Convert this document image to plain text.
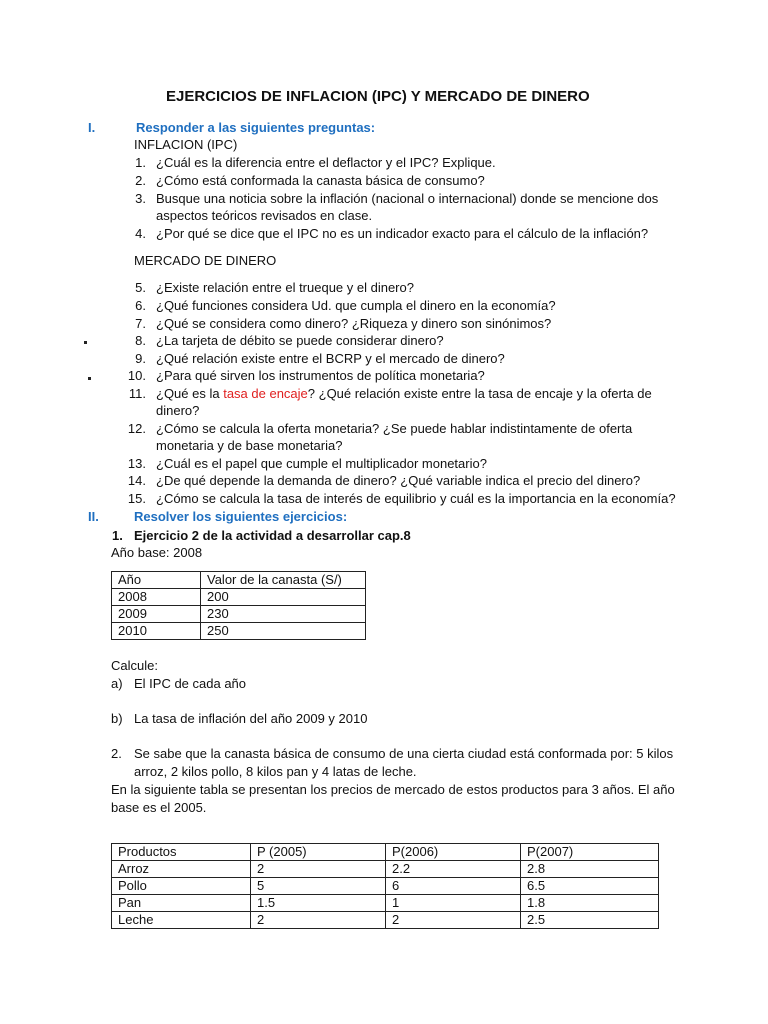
EJERCICIOS DE INFLACION (IPC) Y MERCADO DE DINERO
I.	Responder a las siguientes preguntas:
INFLACION (IPC)
1. ¿Cuál es la diferencia entre el deflactor y el IPC? Explique.
2. ¿Cómo está conformada la canasta básica de consumo?
3. Busque una noticia sobre la inflación (nacional o internacional) donde se mencione dos
aspectos teóricos revisados en clase.
4. ¿Por qué se dice que el IPC no es un indicador exacto para el cálculo de la inflación?
MERCADO DE DINERO
5. ¿Existe relación entre el trueque y el dinero?
6. ¿Qué funciones considera Ud. que cumpla el dinero en la economía?
7. ¿Qué se considera como dinero? ¿Riqueza y dinero son sinónimos?
8. ¿La tarjeta de débito se puede considerar dinero?
9. ¿Qué relación existe entre el BCRP y el mercado de dinero?
10. ¿Para qué sirven los instrumentos de política monetaria?
11. ¿Qué es la tasa de encaje? ¿Qué relación existe entre la tasa de encaje y la oferta de
dinero?
12. ¿Cómo se calcula la oferta monetaria? ¿Se puede hablar indistintamente de oferta
monetaria y de base monetaria?
13. ¿Cuál es el papel que cumple el multiplicador monetario?
14. ¿De qué depende la demanda de dinero? ¿Qué variable indica el precio del dinero?
15. ¿Cómo se calcula la tasa de interés de equilibrio y cuál es la importancia en la economía?
II.	Resolver los siguientes ejercicios:
1. Ejercicio 2 de la actividad a desarrollar cap.8
Año base: 2008
Año	Valor de la canasta (S/)
2008	200
2009	230
2010	250
Calcule:
a) El IPC de cada año
b) La tasa de inflación del año 2009 y 2010
2. Se sabe que la canasta básica de consumo de una cierta ciudad está conformada por: 5 kilos
arroz, 2 kilos pollo, 8 kilos pan y 4 latas de leche.
En la siguiente tabla se presentan los precios de mercado de estos productos para 3 años. El año
base es el 2005.
Productos	P (2005)	P(2006)	P(2007)
Arroz	2	2.2	2.8
Pollo	5	6	6.5
Pan	1.5	1	1.8
Leche	2	2	2.5
